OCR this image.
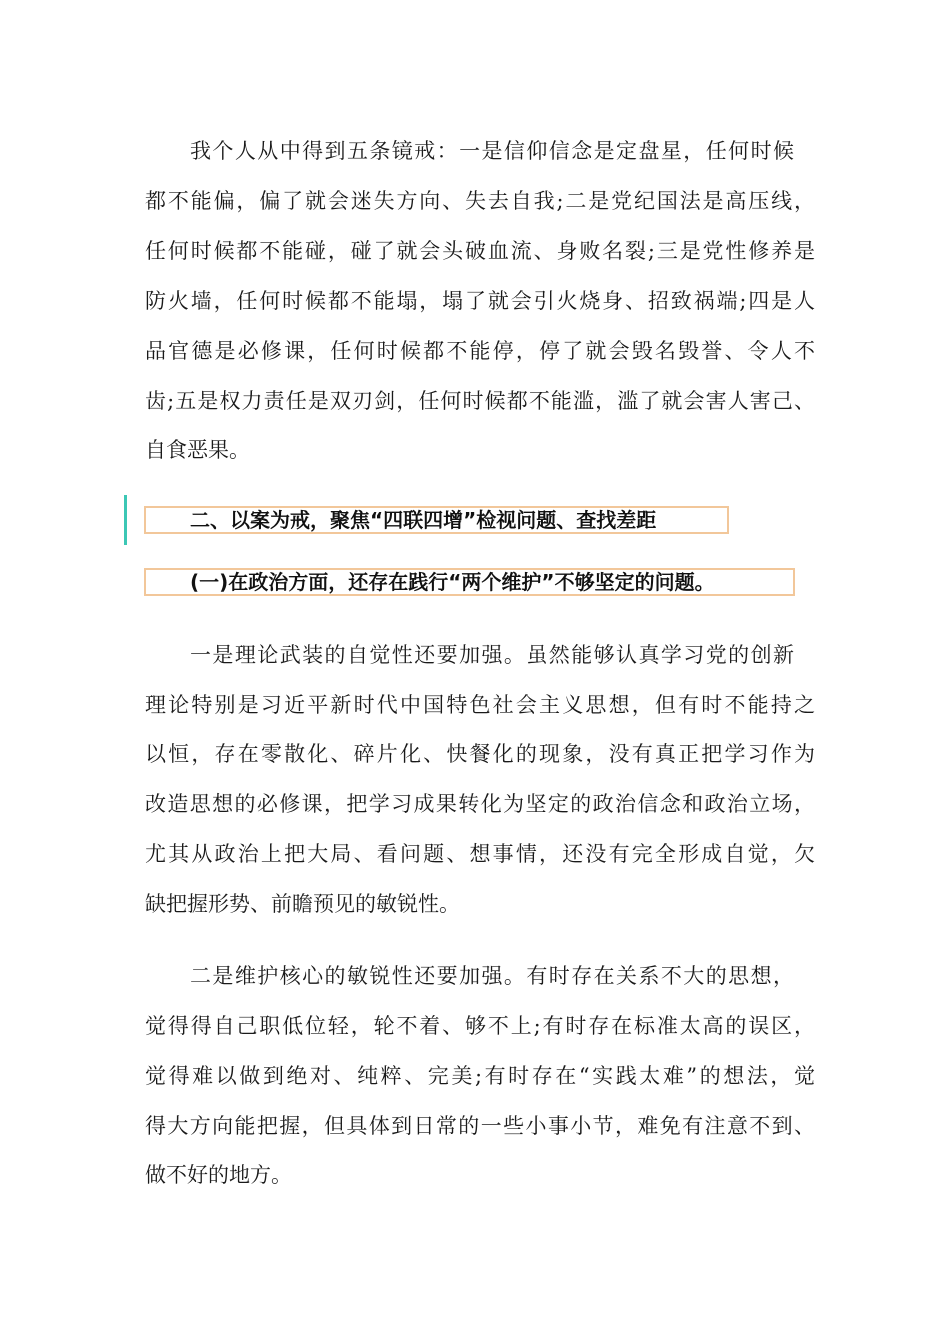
我个人从中得到五条镜戒：一是信仰信念是定盘星，任何时候
都不能偏，偏了就会迷失方向、失去自我;二是党纪国法是高压线，
任何时候都不能碰，碰了就会头破血流、身败名裂;三是党性修养是
防火墙，任何时候都不能塌，塌了就会引火烧身、招致祸端;四是人
品官德是必修课，任何时候都不能停，停了就会毁名毁誉、令人不
齿;五是权力责任是双刃剑，任何时候都不能滥，滥了就会害人害己、
自食恶果。
二、以案为戒，聚焦“四联四增”检视问题、查找差距
(一)在政治方面，还存在践行“两个维护”不够坚定的问题。
一是理论武装的自觉性还要加强。虽然能够认真学习党的创新
理论特别是习近平新时代中国特色社会主义思想，但有时不能持之
以恒，存在零散化、碎片化、快餐化的现象，没有真正把学习作为
改造思想的必修课，把学习成果转化为坚定的政治信念和政治立场，
尤其从政治上把大局、看问题、想事情，还没有完全形成自觉，欠
缺把握形势、前瞻预见的敏锐性。
二是维护核心的敏锐性还要加强。有时存在关系不大的思想，
觉得得自己职低位轻，轮不着、够不上;有时存在标准太高的误区，
觉得难以做到绝对、纯粹、完美;有时存在“实践太难”的想法，觉
得大方向能把握，但具体到日常的一些小事小节，难免有注意不到、
做不好的地方。
